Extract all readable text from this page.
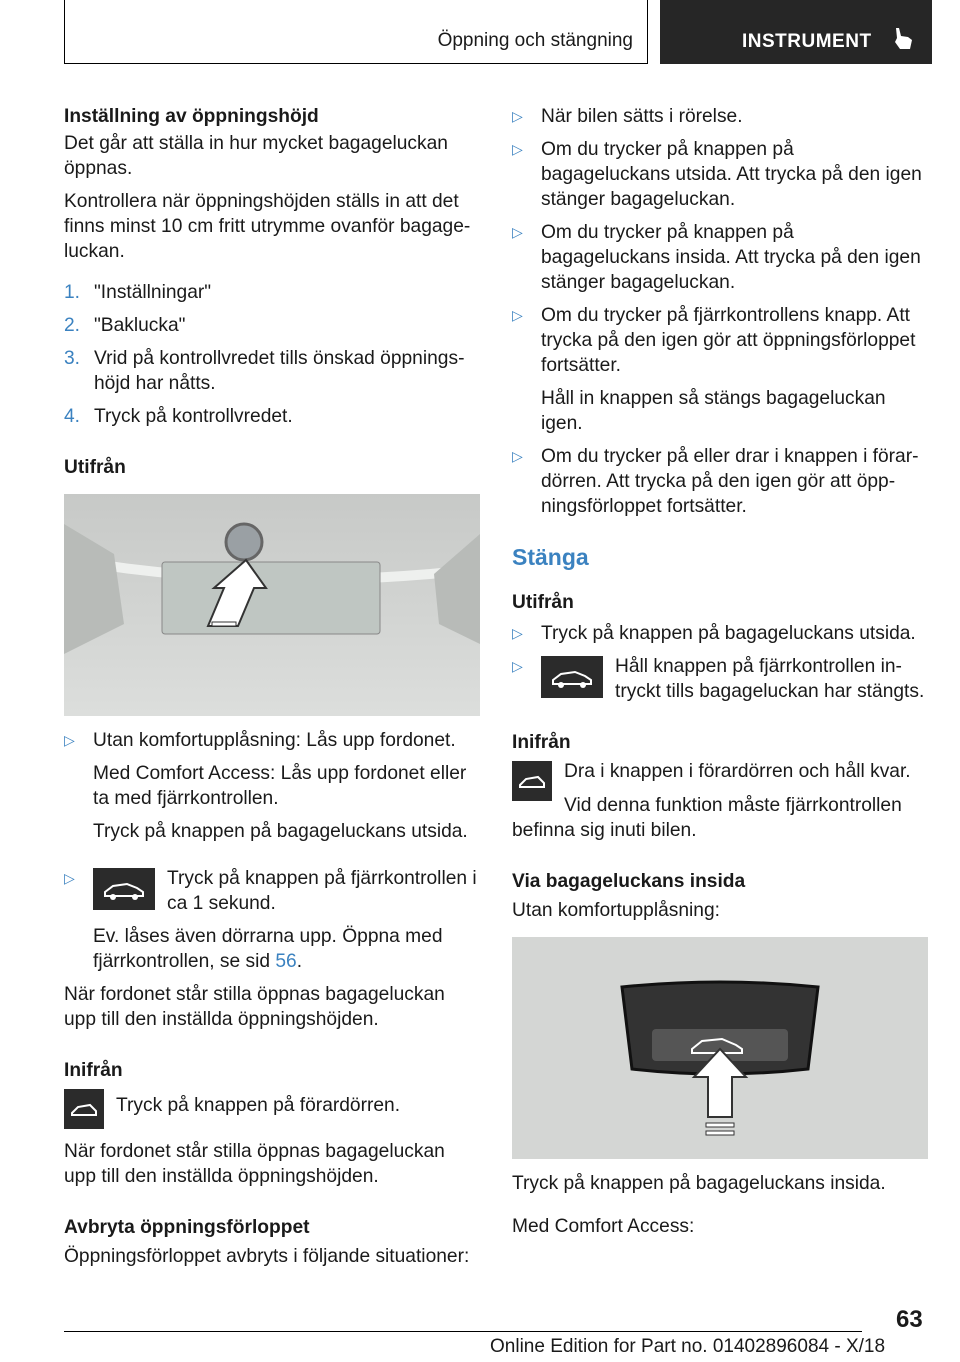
Öppning och stängning	INSTRUMENT
Inställning av öppningshöjd

Det går att ställa in hur mycket bagageluckan öppnas.

Kontrollera när öppningshöjden ställs in att det finns minst 10 cm fritt utrymme ovanför bagageluckan.

1. "Inställningar"
2. "Baklucka"
3. Vrid på kontrollvredet tills önskad öppningshöjd har nåtts.
4. Tryck på kontrollvredet.
Utifrån
▷ Utan komfortupplåsning: Lås upp fordonet.

Med Comfort Access: Lås upp fordonet eller ta med fjärrkontrollen.

Tryck på knappen på bagageluckans utsida.

▷	Tryck på knappen på fjärrkontrollen i ca 1 sekund.

Ev. låses även dörrarna upp. Öppna med fjärrkontrollen, se sid 56.

När fordonet står stilla öppnas bagageluckan upp till den inställda öppningshöjden.

Inifrån
Tryck på knappen på förardörren.

När fordonet står stilla öppnas bagageluckan upp till den inställda öppningshöjden.

Avbryta öppningsförloppet

Öppningsförloppet avbryts i följande situationer:

▷ När bilen sätts i rörelse.

▷ Om du trycker på knappen på bagageluckans utsida. Att trycka på den igen stänger bagageluckan.

▷ Om du trycker på knappen på bagageluckans insida. Att trycka på den igen stänger bagageluckan.

▷ Om du trycker på fjärrkontrollens knapp. Att trycka på den igen gör att öppningsförloppet fortsätter.

Håll in knappen så stängs bagageluckan igen.

▷ Om du trycker på eller drar i knappen i förardörren. Att trycka på den igen gör att öppningsförloppet fortsätter.

Stänga
Utifrån
▷ Tryck på knappen på bagageluckans utsida.

▷	Håll knappen på fjärrkontrollen intryckt tills bagageluckan har stängts.
Inifrån

Dra i knappen i förardörren och håll kvar.

Vid denna funktion måste fjärrkontrollen befinna sig inuti bilen.

Via bagageluckans insida

Utan komfortupplåsning:

Tryck på knappen på bagageluckans insida.

Med Comfort Access:

63
Online Edition for Part no. 01402896084 - X/18
